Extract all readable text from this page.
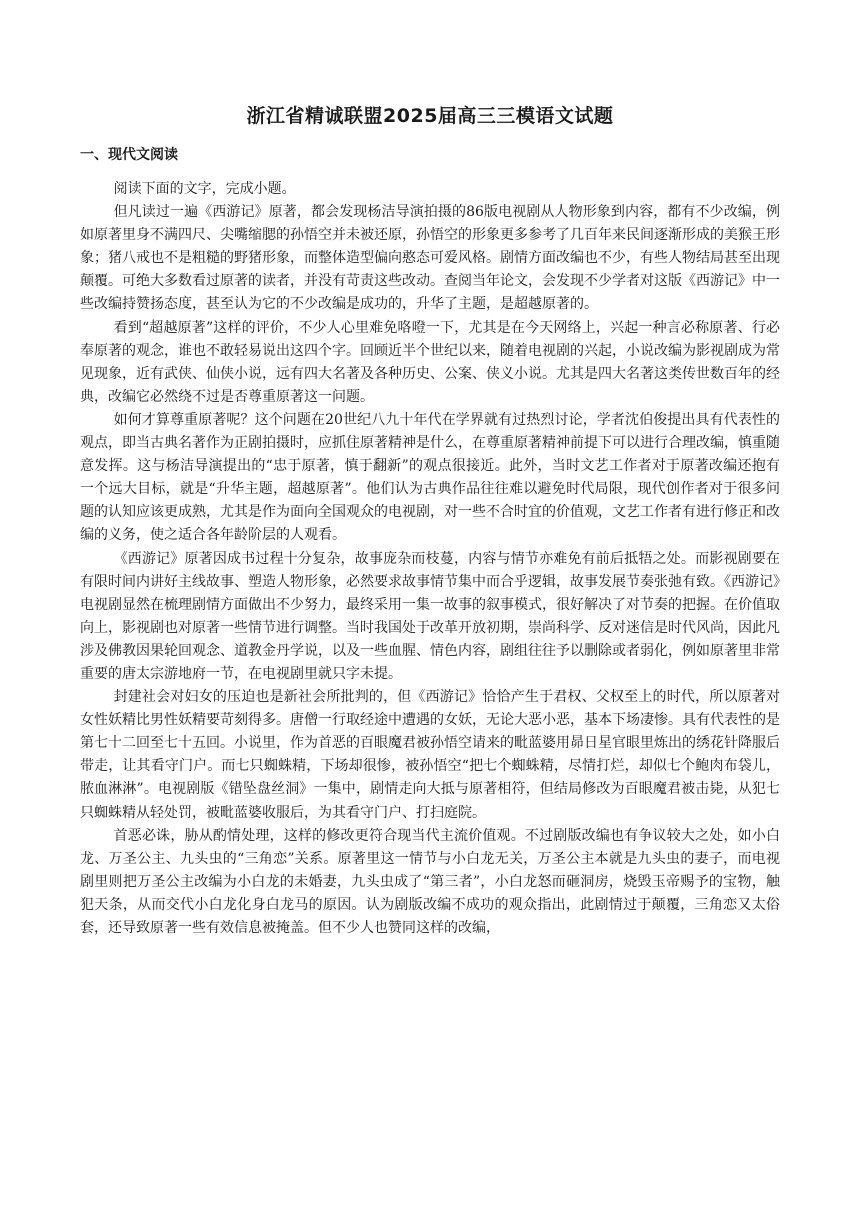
浙江省精诚联盟2025届高三三模语文试题
一、现代文阅读

阅读下面的文字，完成小题。

但凡读过一遍《西游记》原著，都会发现杨洁导演拍摄的86版电视剧从人物形象到内容，都有不少改编，例如原著里身不满四尺、尖嘴缩腮的孙悟空并未被还原，孙悟空的形象更多参考了几百年来民间逐渐形成的美猴王形象；猪八戒也不是粗糙的野猪形象，而整体造型偏向憨态可爱风格。剧情方面改编也不少，有些人物结局甚至出现颠覆。可绝大多数看过原著的读者，并没有苛责这些改动。查阅当年论文，会发现不少学者对这版《西游记》中一些改编持赞扬态度，甚至认为它的不少改编是成功的，升华了主题，是超越原著的。

看到“超越原著”这样的评价，不少人心里难免咯噔一下，尤其是在今天网络上，兴起一种言必称原著、行必奉原著的观念，谁也不敢轻易说出这四个字。回顾近半个世纪以来，随着电视剧的兴起，小说改编为影视剧成为常见现象，近有武侠、仙侠小说，远有四大名著及各种历史、公案、侠义小说。尤其是四大名著这类传世数百年的经典，改编它必然绕不过是否尊重原著这一问题。

如何才算尊重原著呢？这个问题在20世纪八九十年代在学界就有过热烈讨论，学者沈伯俊提出具有代表性的观点，即当古典名著作为正剧拍摄时，应抓住原著精神是什么，在尊重原著精神前提下可以进行合理改编，慎重随意发挥。这与杨洁导演提出的“忠于原著，慎于翻新”的观点很接近。此外，当时文艺工作者对于原著改编还抱有一个远大目标，就是“升华主题，超越原著”。他们认为古典作品往往难以避免时代局限，现代创作者对于很多问题的认知应该更成熟，尤其是作为面向全国观众的电视剧，对一些不合时宜的价值观，文艺工作者有进行修正和改编的义务，使之适合各年龄阶层的人观看。

《西游记》原著因成书过程十分复杂，故事庞杂而枝蔓，内容与情节亦难免有前后抵牾之处。而影视剧要在有限时间内讲好主线故事、塑造人物形象，必然要求故事情节集中而合乎逻辑，故事发展节奏张弛有致。《西游记》电视剧显然在梳理剧情方面做出不少努力，最终采用一集一故事的叙事模式，很好解决了对节奏的把握。在价值取向上，影视剧也对原著一些情节进行调整。当时我国处于改革开放初期，崇尚科学、反对迷信是时代风尚，因此凡涉及佛教因果轮回观念、道教金丹学说，以及一些血腥、情色内容，剧组往往予以删除或者弱化，例如原著里非常重要的唐太宗游地府一节，在电视剧里就只字未提。

封建社会对妇女的压迫也是新社会所批判的，但《西游记》恰恰产生于君权、父权至上的时代，所以原著对女性妖精比男性妖精要苛刻得多。唐僧一行取经途中遭遇的女妖，无论大恶小恶，基本下场凄惨。具有代表性的是第七十二回至七十五回。小说里，作为首恶的百眼魔君被孙悟空请来的毗蓝婆用昴日星官眼里炼出的绣花针降服后带走，让其看守门户。而七只蜘蛛精，下场却很惨，被孙悟空“把七个蜘蛛精，尽情打烂，却似七个鲍肉布袋儿，脓血淋淋”。电视剧版《错坠盘丝洞》一集中，剧情走向大抵与原著相符，但结局修改为百眼魔君被击毙，从犯七只蜘蛛精从轻处罚，被毗蓝婆收服后，为其看守门户、打扫庭院。

首恶必诛，胁从酌情处理，这样的修改更符合现当代主流价值观。不过剧版改编也有争议较大之处，如小白龙、万圣公主、九头虫的“三角恋”关系。原著里这一情节与小白龙无关，万圣公主本就是九头虫的妻子，而电视剧里则把万圣公主改编为小白龙的未婚妻，九头虫成了“第三者”，小白龙怒而砸洞房，烧毁玉帝赐予的宝物，触犯天条，从而交代小白龙化身白龙马的原因。认为剧版改编不成功的观众指出，此剧情过于颠覆，三角恋又太俗套，还导致原著一些有效信息被掩盖。但不少人也赞同这样的改编，
